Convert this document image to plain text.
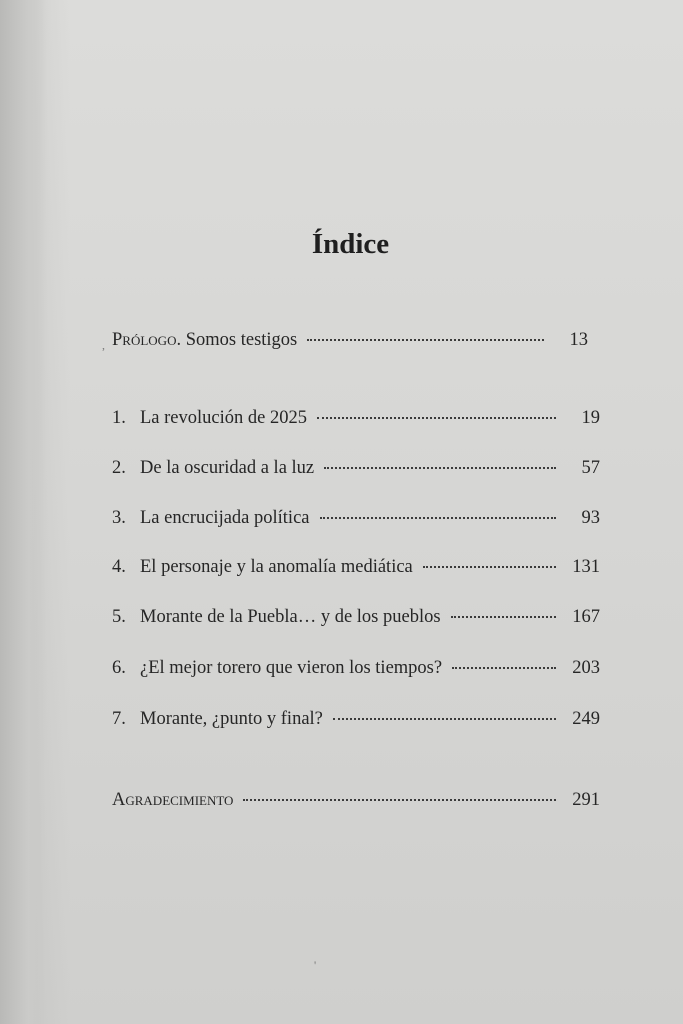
Índice
Prólogo. Somos testigos	13
1. La revolución de 2025	19
2. De la oscuridad a la luz	57
3. La encrucijada política	93
4. El personaje y la anomalía mediática	131
5. Morante de la Puebla… y de los pueblos	167
6. ¿El mejor torero que vieron los tiempos?	203
7. Morante, ¿punto y final?	249
Agradecimiento	291
,
'
